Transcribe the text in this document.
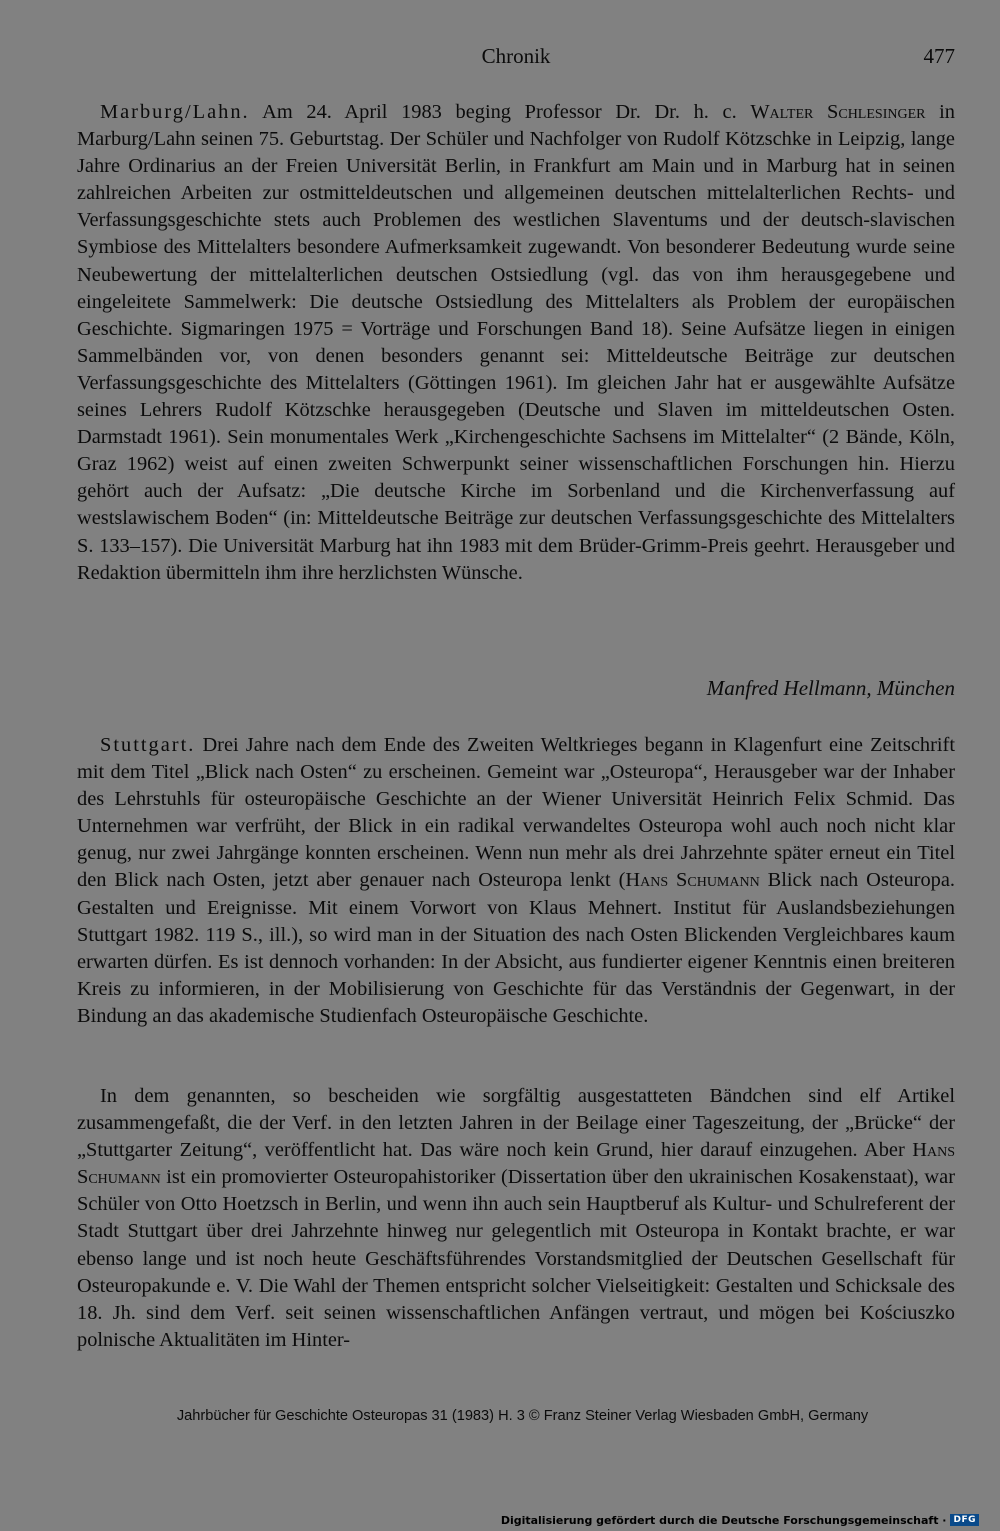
Chronik	477
Marburg/Lahn. Am 24. April 1983 beging Professor Dr. Dr. h. c. Walter Schlesinger in Marburg/Lahn seinen 75. Geburtstag. Der Schüler und Nachfolger von Rudolf Kötzschke in Leipzig, lange Jahre Ordinarius an der Freien Universität Berlin, in Frankfurt am Main und in Marburg hat in seinen zahlreichen Arbeiten zur ostmitteldeutschen und allgemeinen deutschen mittelalterlichen Rechts- und Verfassungsgeschichte stets auch Problemen des westlichen Slaventums und der deutsch-slavischen Symbiose des Mittelalters besondere Aufmerksamkeit zugewandt. Von besonderer Bedeutung wurde seine Neubewertung der mittelalterlichen deutschen Ostsiedlung (vgl. das von ihm herausgegebene und eingeleitete Sammelwerk: Die deutsche Ostsiedlung des Mittelalters als Problem der europäischen Geschichte. Sigmaringen 1975 = Vorträge und Forschungen Band 18). Seine Aufsätze liegen in einigen Sammelbänden vor, von denen besonders genannt sei: Mitteldeutsche Beiträge zur deutschen Verfassungsgeschichte des Mittelalters (Göttingen 1961). Im gleichen Jahr hat er ausgewählte Aufsätze seines Lehrers Rudolf Kötzschke herausgegeben (Deutsche und Slaven im mitteldeutschen Osten. Darmstadt 1961). Sein monumentales Werk „Kirchengeschichte Sachsens im Mittelalter“ (2 Bände, Köln, Graz 1962) weist auf einen zweiten Schwerpunkt seiner wissenschaftlichen Forschungen hin. Hierzu gehört auch der Aufsatz: „Die deutsche Kirche im Sorbenland und die Kirchenverfassung auf westslawischem Boden“ (in: Mitteldeutsche Beiträge zur deutschen Verfassungsgeschichte des Mittelalters S. 133–157). Die Universität Marburg hat ihn 1983 mit dem Brüder-Grimm-Preis geehrt. Herausgeber und Redaktion übermitteln ihm ihre herzlichsten Wünsche.
Manfred Hellmann, München
Stuttgart. Drei Jahre nach dem Ende des Zweiten Weltkrieges begann in Klagenfurt eine Zeitschrift mit dem Titel „Blick nach Osten“ zu erscheinen. Gemeint war „Osteuropa“, Herausgeber war der Inhaber des Lehrstuhls für osteuropäische Geschichte an der Wiener Universität Heinrich Felix Schmid. Das Unternehmen war verfrüht, der Blick in ein radikal verwandeltes Osteuropa wohl auch noch nicht klar genug, nur zwei Jahrgänge konnten erscheinen. Wenn nun mehr als drei Jahrzehnte später erneut ein Titel den Blick nach Osten, jetzt aber genauer nach Osteuropa lenkt (Hans Schumann Blick nach Osteuropa. Gestalten und Ereignisse. Mit einem Vorwort von Klaus Mehnert. Institut für Auslandsbeziehungen Stuttgart 1982. 119 S., ill.), so wird man in der Situation des nach Osten Blickenden Vergleichbares kaum erwarten dürfen. Es ist dennoch vorhanden: In der Absicht, aus fundierter eigener Kenntnis einen breiteren Kreis zu informieren, in der Mobilisierung von Geschichte für das Verständnis der Gegenwart, in der Bindung an das akademische Studienfach Osteuropäische Geschichte.
In dem genannten, so bescheiden wie sorgfältig ausgestatteten Bändchen sind elf Artikel zusammengefaßt, die der Verf. in den letzten Jahren in der Beilage einer Tageszeitung, der „Brücke“ der „Stuttgarter Zeitung“, veröffentlicht hat. Das wäre noch kein Grund, hier darauf einzugehen. Aber Hans Schumann ist ein promovierter Osteuropahistoriker (Dissertation über den ukrainischen Kosakenstaat), war Schüler von Otto Hoetzsch in Berlin, und wenn ihn auch sein Hauptberuf als Kultur- und Schulreferent der Stadt Stuttgart über drei Jahrzehnte hinweg nur gelegentlich mit Osteuropa in Kontakt brachte, er war ebenso lange und ist noch heute Geschäftsführendes Vorstandsmitglied der Deutschen Gesellschaft für Osteuropakunde e. V. Die Wahl der Themen entspricht solcher Vielseitigkeit: Gestalten und Schicksale des 18. Jh. sind dem Verf. seit seinen wissenschaftlichen Anfängen vertraut, und mögen bei Kościuszko polnische Aktualitäten im Hinter-
Jahrbücher für Geschichte Osteuropas 31 (1983) H. 3 © Franz Steiner Verlag Wiesbaden GmbH, Germany
Digitalisierung gefördert durch die Deutsche Forschungsgemeinschaft · DFG
